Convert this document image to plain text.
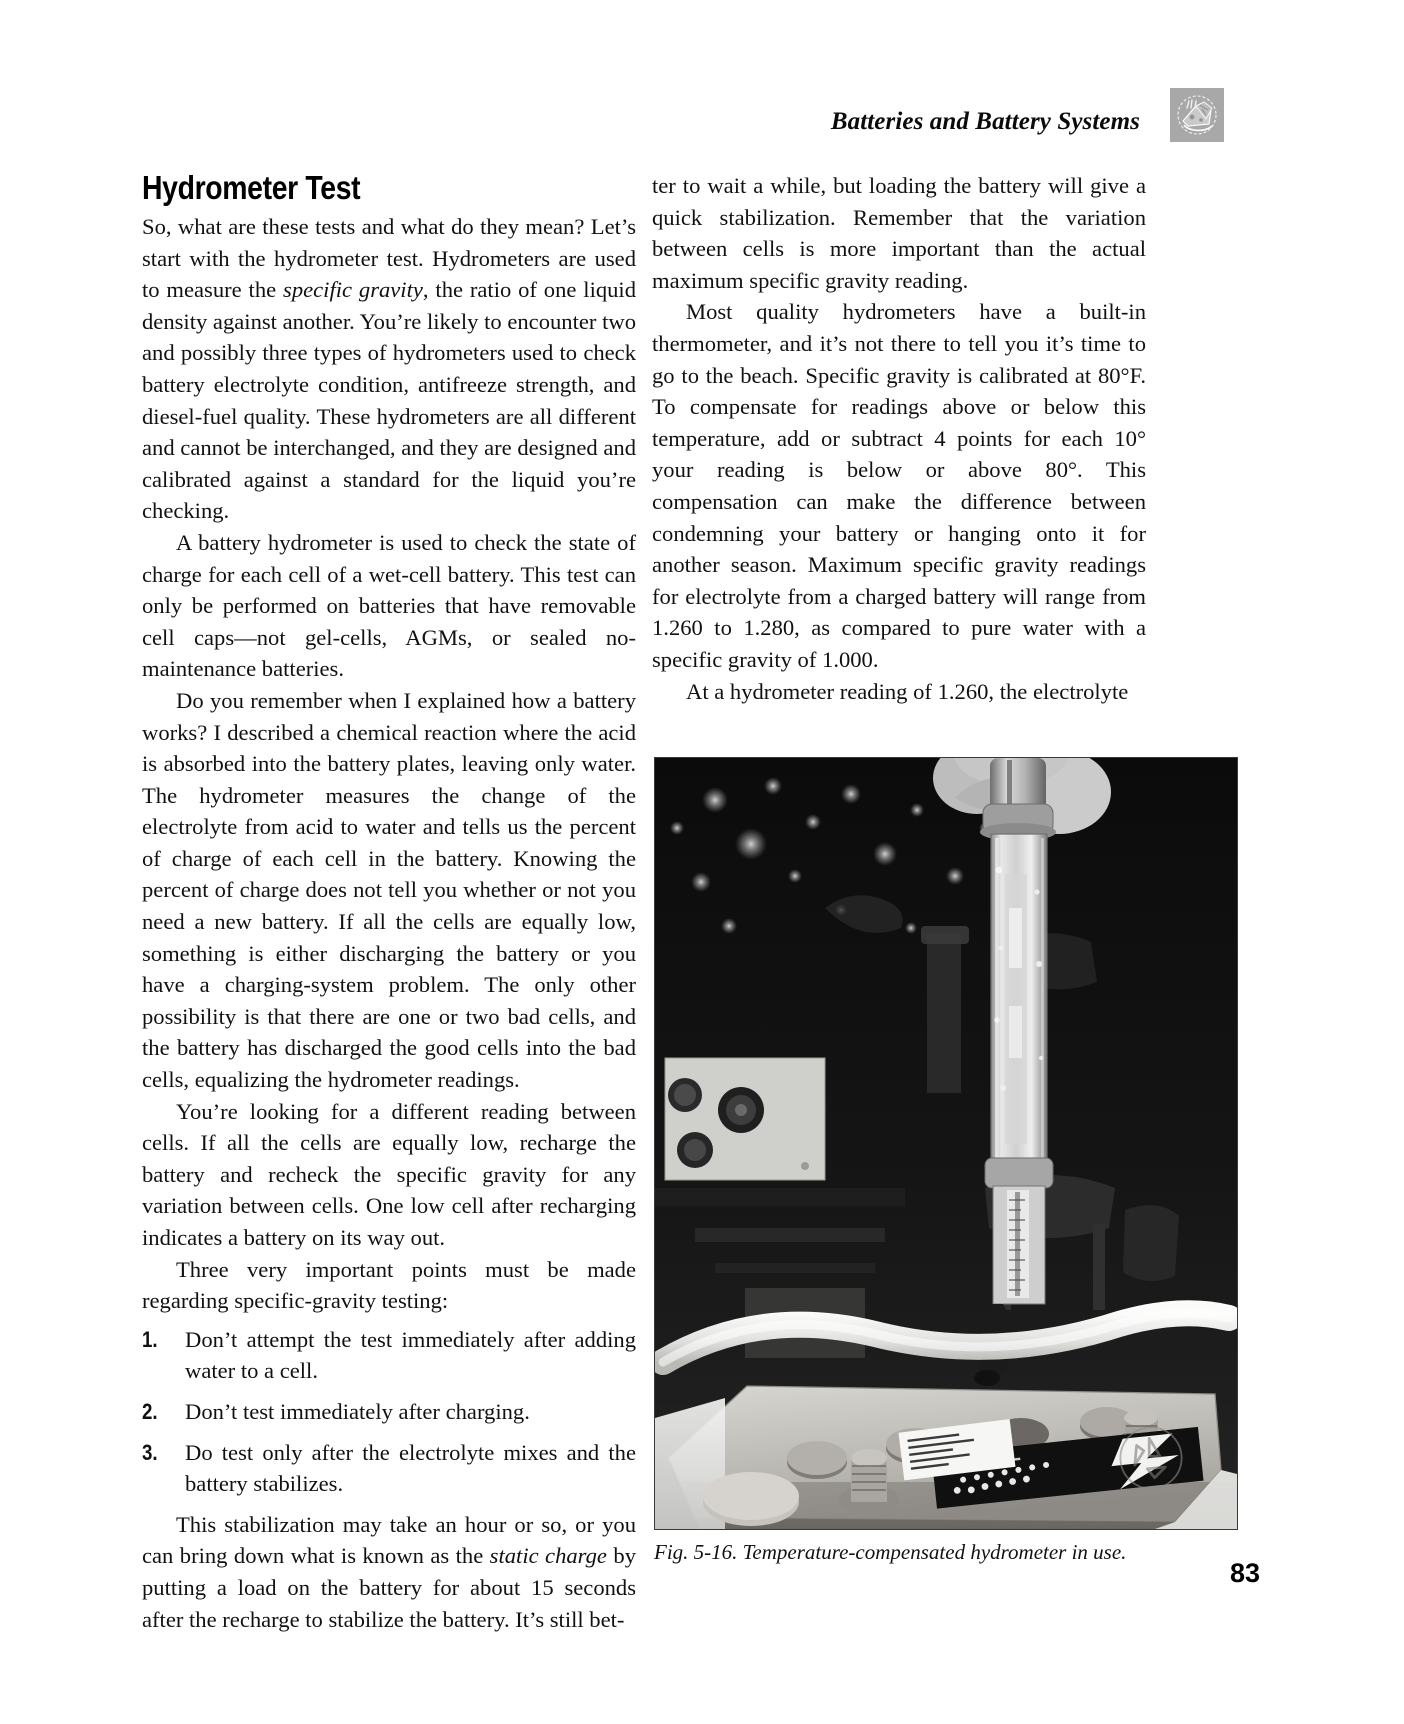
Batteries and Battery Systems
Hydrometer Test

So, what are these tests and what do they mean? Let’s start with the hydrometer test. Hydrometers are used to measure the specific gravity, the ratio of one liquid density against another. You’re likely to encounter two and possibly three types of hydrometers used to check battery electrolyte condition, antifreeze strength, and diesel-fuel quality. These hydrometers are all different and cannot be interchanged, and they are designed and calibrated against a standard for the liquid you’re checking.

A battery hydrometer is used to check the state of charge for each cell of a wet-cell battery. This test can only be performed on batteries that have removable cell caps—not gel-cells, AGMs, or sealed no-maintenance batteries.

Do you remember when I explained how a battery works? I described a chemical reaction where the acid is absorbed into the battery plates, leaving only water. The hydrometer measures the change of the electrolyte from acid to water and tells us the percent of charge of each cell in the battery. Knowing the percent of charge does not tell you whether or not you need a new battery. If all the cells are equally low, something is either discharging the battery or you have a charging-system problem. The only other possibility is that there are one or two bad cells, and the battery has discharged the good cells into the bad cells, equalizing the hydrometer readings.

You’re looking for a different reading between cells. If all the cells are equally low, recharge the battery and recheck the specific gravity for any variation between cells. One low cell after recharging indicates a battery on its way out.

Three very important points must be made regarding specific-gravity testing:

1. Don’t attempt the test immediately after adding water to a cell.
2. Don’t test immediately after charging.
3. Do test only after the electrolyte mixes and the battery stabilizes.

This stabilization may take an hour or so, or you can bring down what is known as the static charge by putting a load on the battery for about 15 seconds after the recharge to stabilize the battery. It’s still bet-

ter to wait a while, but loading the battery will give a quick stabilization. Remember that the variation between cells is more important than the actual maximum specific gravity reading.

Most quality hydrometers have a built-in thermometer, and it’s not there to tell you it’s time to go to the beach. Specific gravity is calibrated at 80°F. To compensate for readings above or below this temperature, add or subtract 4 points for each 10° your reading is below or above 80°. This compensation can make the difference between condemning your battery or hanging onto it for another season. Maximum specific gravity readings for electrolyte from a charged battery will range from 1.260 to 1.280, as compared to pure water with a specific gravity of 1.000.

At a hydrometer reading of 1.260, the electrolyte

Fig. 5-16. Temperature-compensated hydrometer in use.
83
